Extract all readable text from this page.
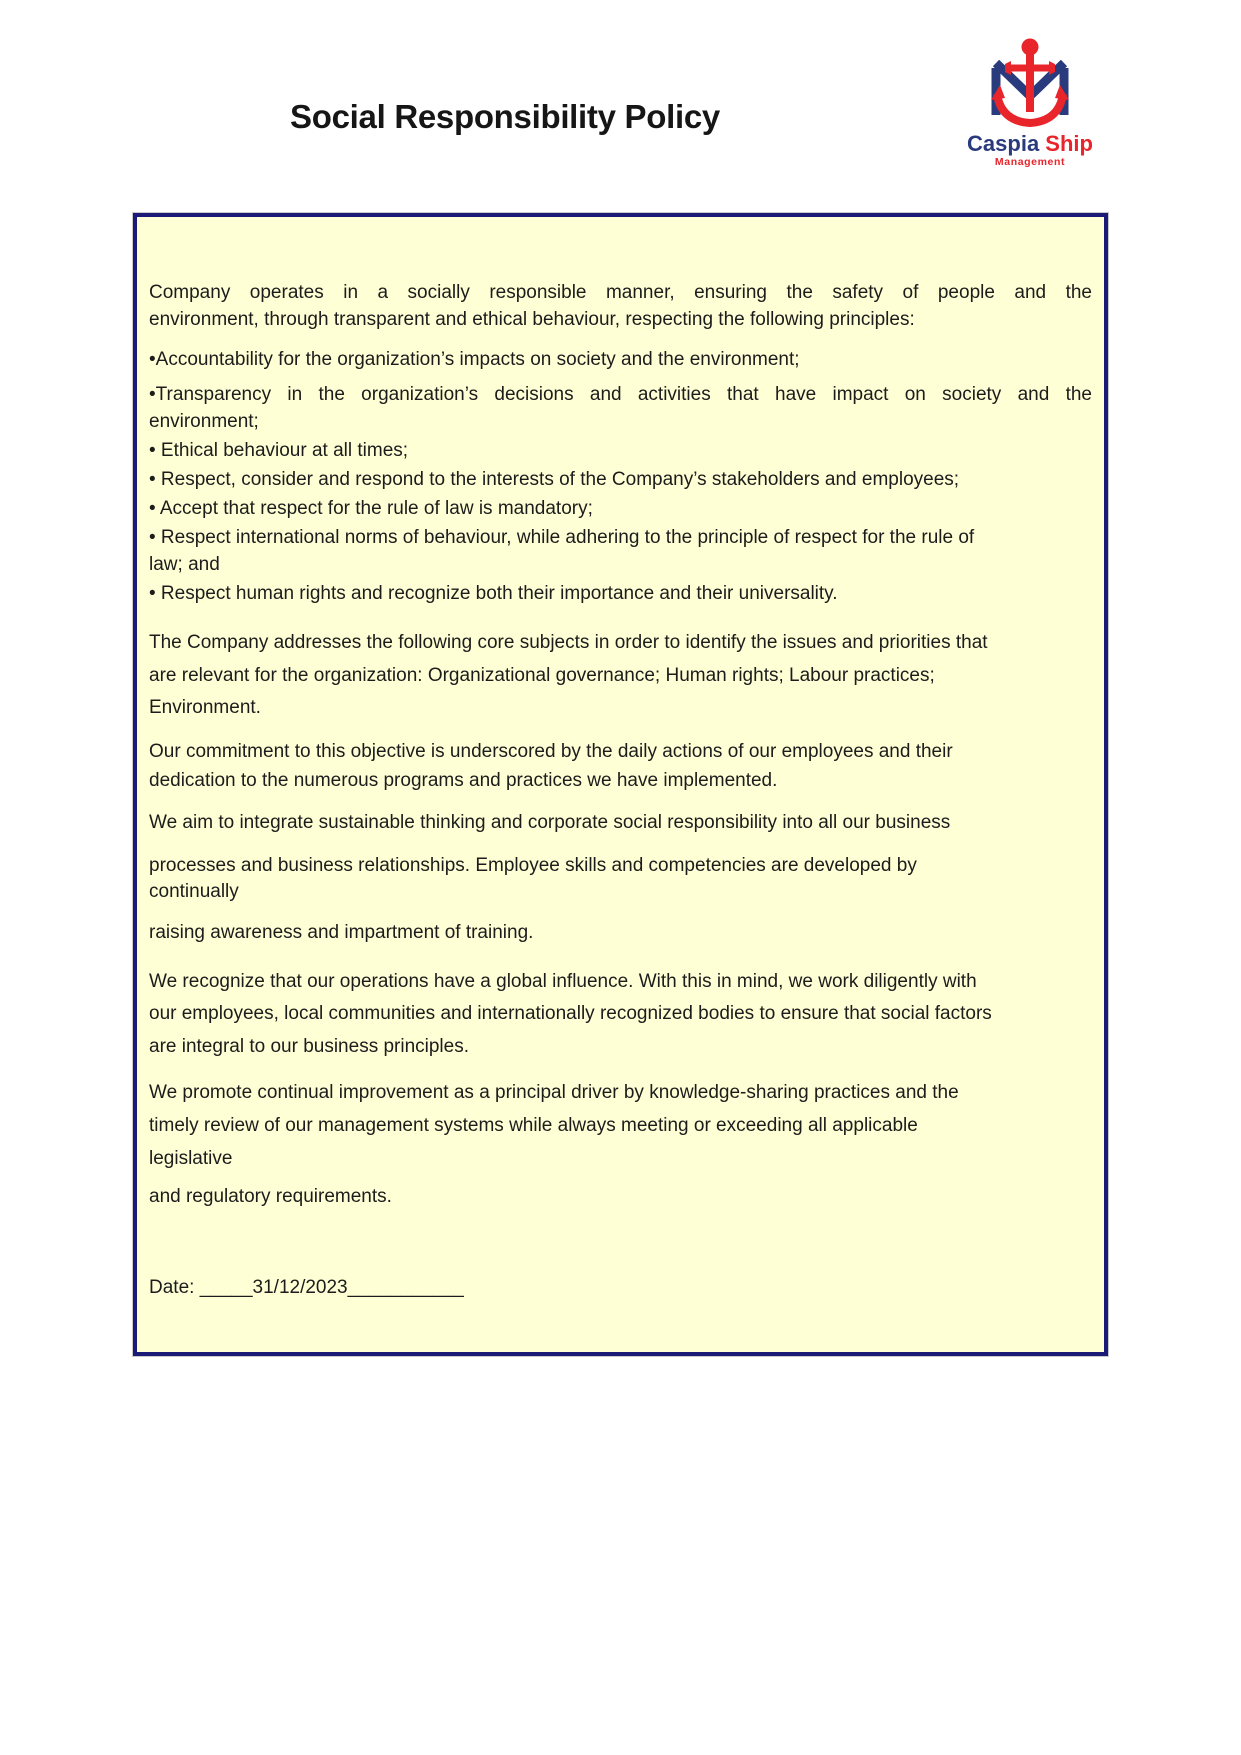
Social Responsibility Policy
Caspia Ship
Management

Company operates in a socially responsible manner, ensuring the safety of people and the

environment, through transparent and ethical behaviour, respecting the following principles:

•Accountability for the organization’s impacts on society and the environment;

•Transparency in the organization’s decisions and activities that have impact on society and the

environment;

• Ethical behaviour at all times;

• Respect, consider and respond to the interests of the Company’s stakeholders and employees;

• Accept that respect for the rule of law is mandatory;

• Respect international norms of behaviour, while adhering to the principle of respect for the rule of

law; and

• Respect human rights and recognize both their importance and their universality.

The Company addresses the following core subjects in order to identify the issues and priorities that

are relevant for the organization: Organizational governance; Human rights; Labour practices;

Environment.

Our commitment to this objective is underscored by the daily actions of our employees and their

dedication to the numerous programs and practices we have implemented.

We aim to integrate sustainable thinking and corporate social responsibility into all our business

processes and business relationships. Employee skills and competencies are developed by

continually

raising awareness and impartment of training.

We recognize that our operations have a global influence. With this in mind, we work diligently with

our employees, local communities and internationally recognized bodies to ensure that social factors

are integral to our business principles.

We promote continual improvement as a principal driver by knowledge-sharing practices and the

timely review of our management systems while always meeting or exceeding all applicable

legislative

and regulatory requirements.

Date: _____31/12/2023___________
